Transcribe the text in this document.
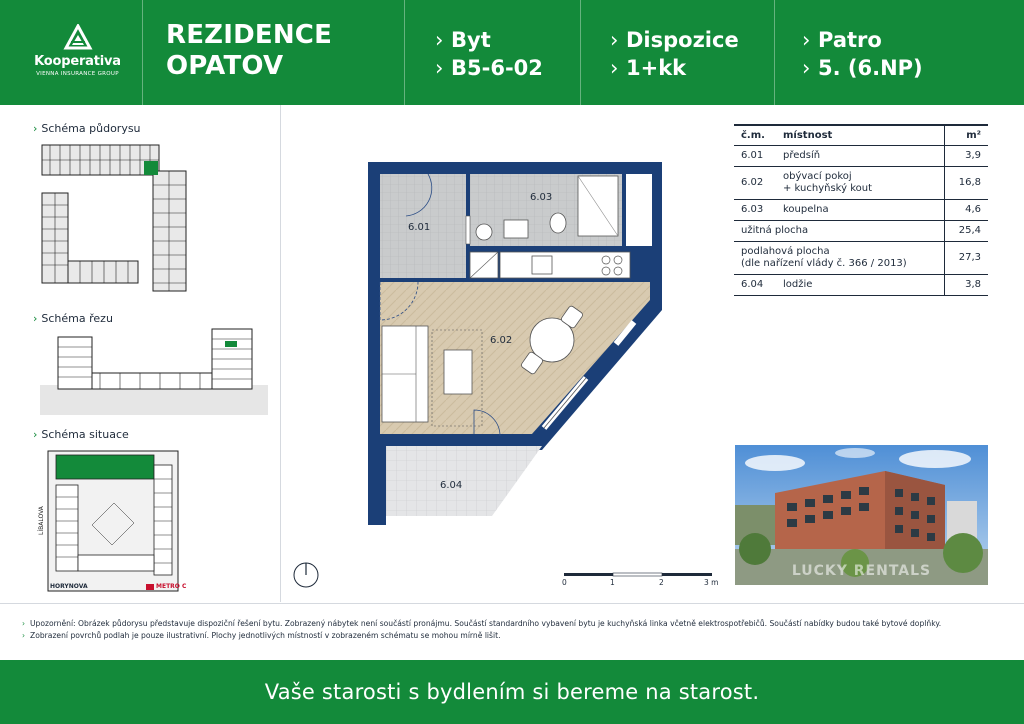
Kooperativa
VIENNA INSURANCE GROUP
REZIDENCE
OPATOV
› Byt
› B5-6-02
› Dispozice
› 1+kk
› Patro
› 5. (6.NP)
› Schéma půdorysu
› Schéma řezu
› Schéma situace
LÍBALOVA
HORYNOVA	METRO C
6.01
6.03
6.02
6.04
0	1	2	3 m
č.m.	místnost	m²
6.01	předsíň	3,9
6.02	obývací pokoj
+ kuchyňský kout	16,8
6.03	koupelna	4,6
užitná plocha		25,4
podlahová plocha
(dle nařízení vlády č. 366 / 2013)		27,3
6.04	lodžie	3,8
LUCKY RENTALS
› Upozornění: Obrázek půdorysu představuje dispoziční řešení bytu. Zobrazený nábytek není součástí pronájmu. Součástí standardního vybavení bytu je kuchyňská linka včetně elektrospotřebičů. Součástí nabídky budou také bytové doplňky.
› Zobrazení povrchů podlah je pouze ilustrativní. Plochy jednotlivých místností v zobrazeném schématu se mohou mírně lišit.
Vaše starosti s bydlením si bereme na starost.
